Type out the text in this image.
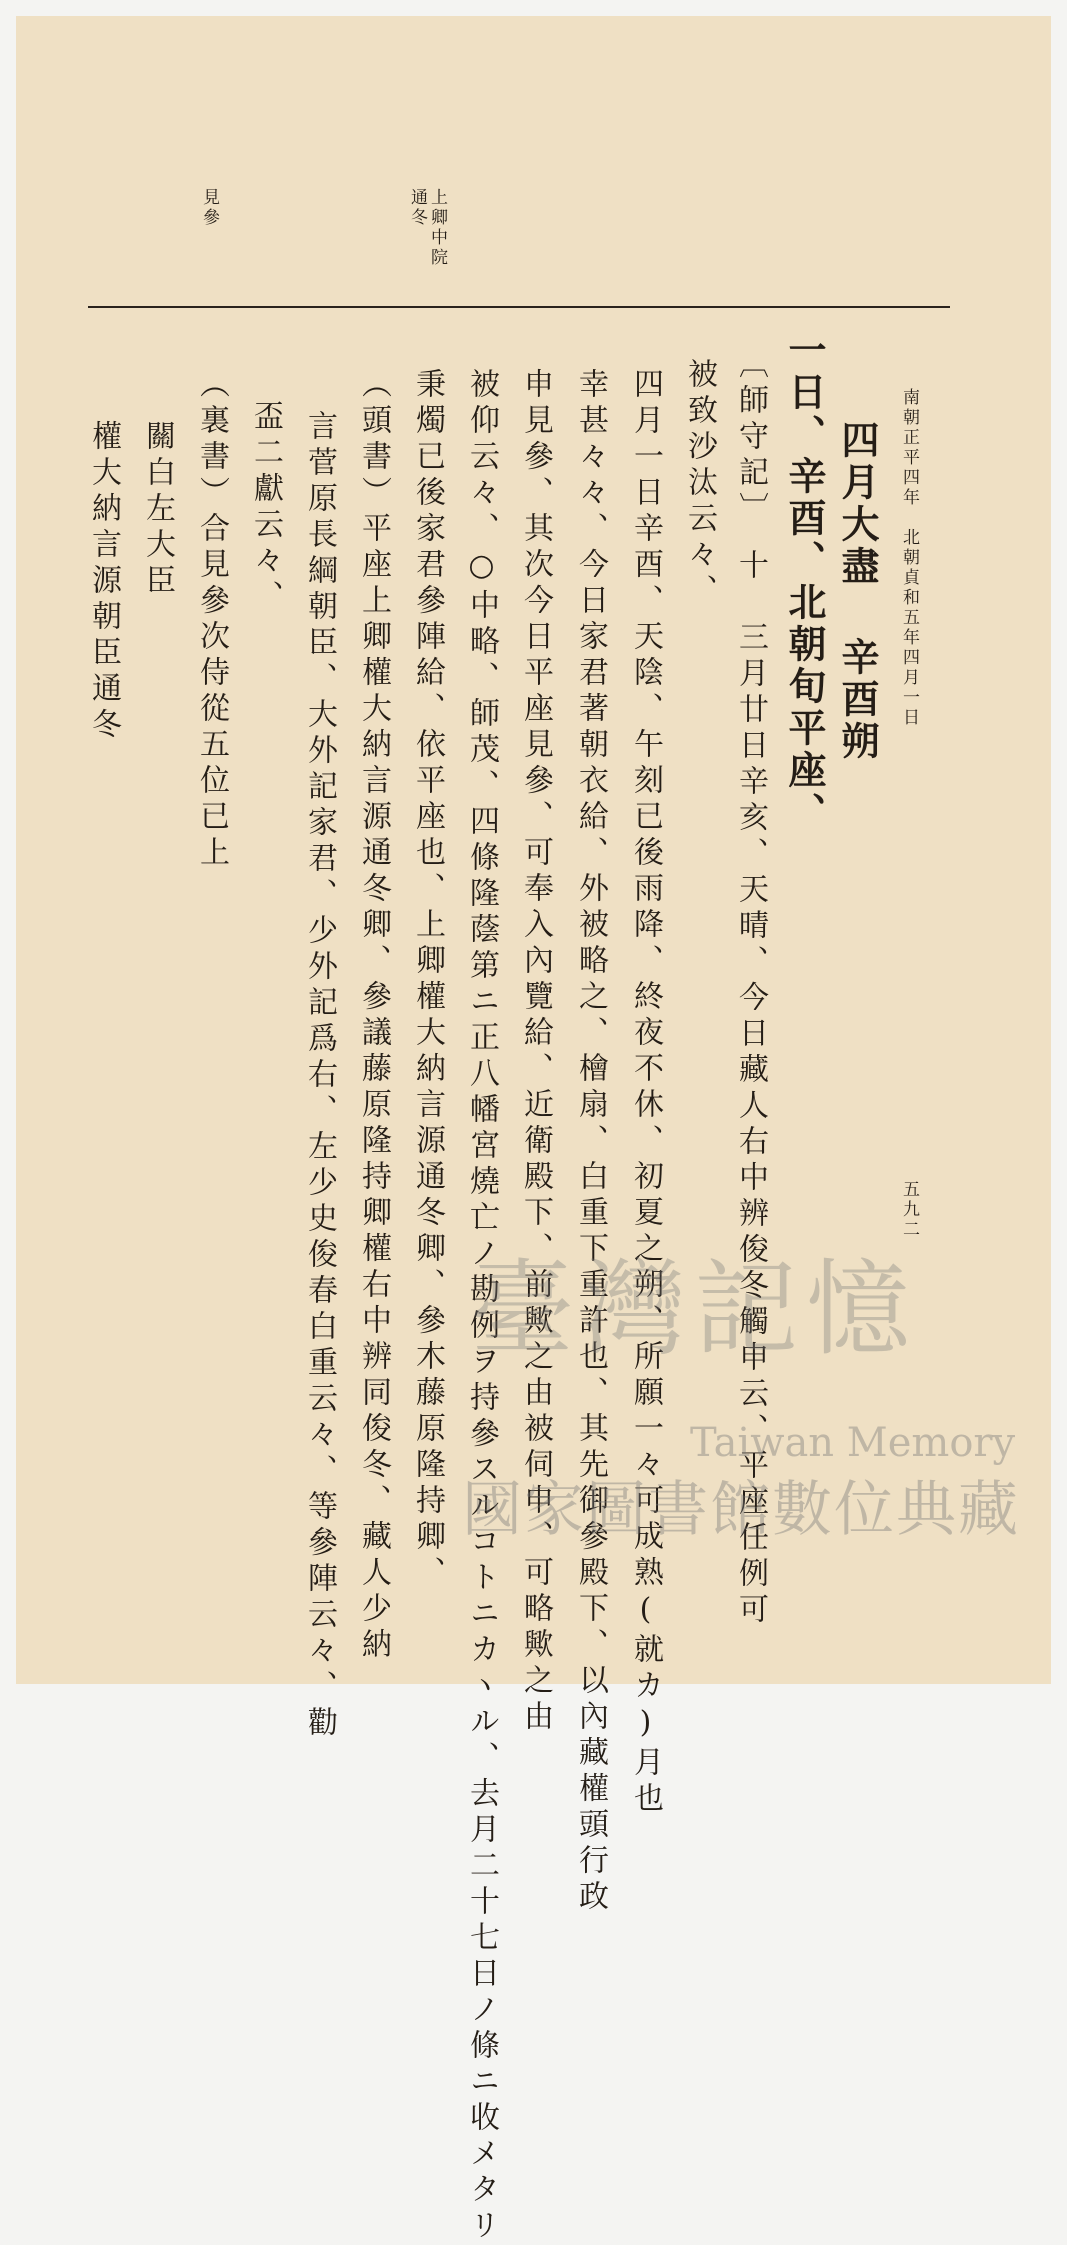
南朝正平四年　北朝貞和五年四月一日
五九二
上卿中院
通冬
見參
四月大盡 辛酉朔
一日、辛酉、北朝旬平座、
〔師守記〕　十　三月廿日辛亥、天晴、今日藏人右中辨俊冬觸申云、平座任例可
被致沙汰云々、
四月一日辛酉、天陰、午刻已後雨降、終夜不休、初夏之朔、所願一々可成熟(就カ)月也
幸甚々々、今日家君著朝衣給、外被略之、檜扇、白重下重許也、其先御參殿下、以內藏權頭行政
申見參、其次今日平座見參、可奉入內覽給、近衛殿下、前歟之由被伺申、可略歟之由
被仰云々、○中略、師茂、四條隆蔭第ニ正八幡宮燒亡ノ勘例ヲ持參スルコトニカヽル、去月二十七日ノ條ニ收メタリ
秉燭已後家君參陣給、依平座也、上卿權大納言源通冬卿、參木藤原隆持卿、
（頭書）平座上卿權大納言源通冬卿、參議藤原隆持卿權右中辨同俊冬、藏人少納
言菅原長綱朝臣、大外記家君、少外記爲右、左少史俊春白重云々、等參陣云々、勸
盃二獻云々、
（裏書）合見參次侍從五位已上
關白左大臣
權大納言源朝臣通冬
臺灣記憶
Taiwan Memory
國家圖書館數位典藏
